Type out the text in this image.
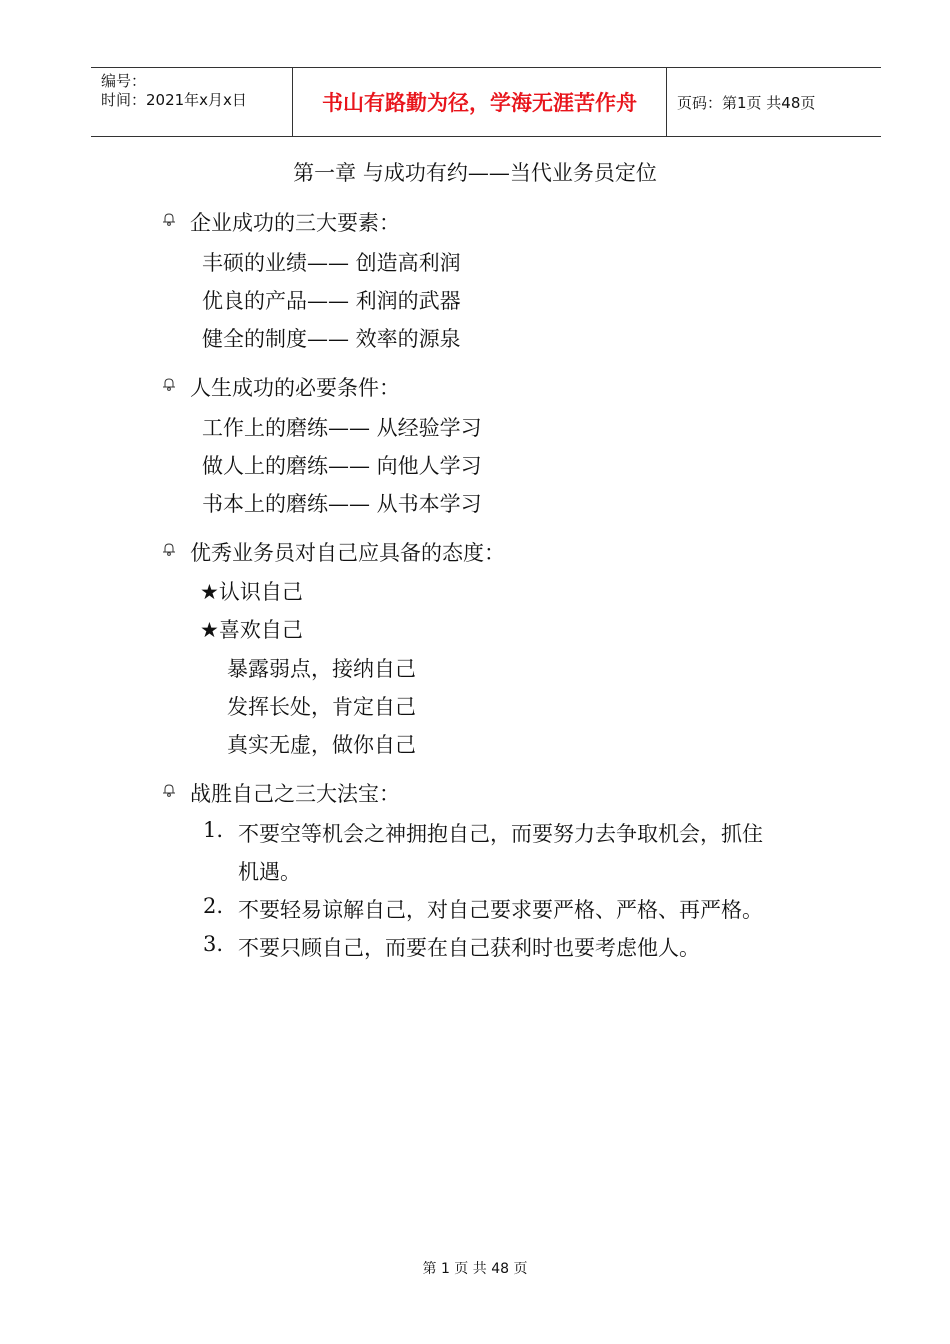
编号：
时间：2021年x月x日	书山有路勤为径，学海无涯苦作舟	页码：第1页 共48页
第一章 与成功有约——当代业务员定位
企业成功的三大要素：
丰硕的业绩—— 创造高利润
优良的产品—— 利润的武器
健全的制度—— 效率的源泉
人生成功的必要条件：
工作上的磨练—— 从经验学习
做人上的磨练—— 向他人学习
书本上的磨练—— 从书本学习
优秀业务员对自己应具备的态度：
★认识自己
★喜欢自己
暴露弱点，接纳自己
发挥长处，肯定自己
真实无虚，做你自己
战胜自己之三大法宝：
1. 不要空等机会之神拥抱自己，而要努力去争取机会，抓住
机遇。
2. 不要轻易谅解自己，对自己要求要严格、严格、再严格。
3. 不要只顾自己，而要在自己获利时也要考虑他人。
第 1 页 共 48 页
